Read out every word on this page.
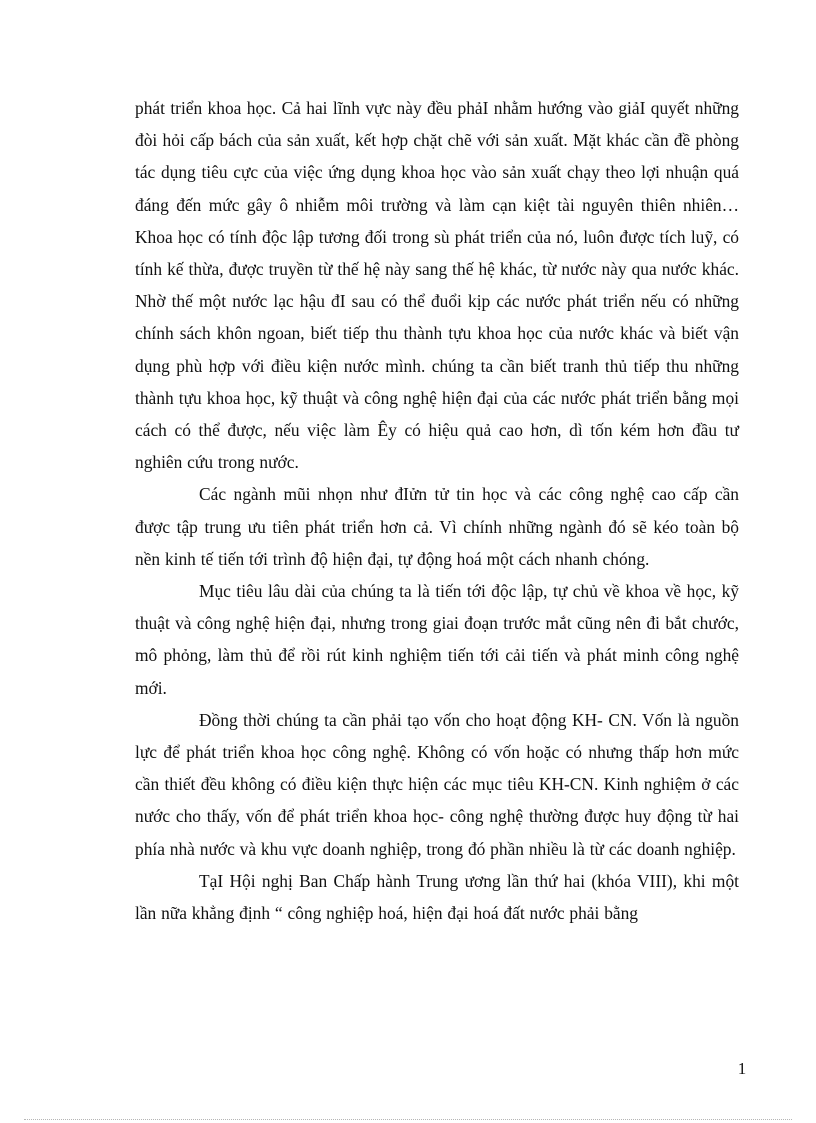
phát triển khoa học. Cả hai lĩnh vực này đều phảI nhằm hướng vào giảI quyết những đòi hỏi cấp bách của sản xuất, kết hợp chặt chẽ với sản xuất. Mặt khác cần đề phòng tác dụng tiêu cực của việc ứng dụng khoa học vào sản xuất chạy theo lợi nhuận quá đáng đến mức gây ô nhiễm môi trường và làm cạn kiệt tài nguyên thiên nhiên… Khoa học có tính độc lập tương đối trong sù phát triển của nó, luôn được tích luỹ, có tính kế thừa, được truyền từ thế hệ này sang thế hệ khác, từ nước này qua nước khác. Nhờ thế một nước lạc hậu đI sau có thể đuổi kịp các nước phát triển nếu có những chính sách khôn ngoan, biết tiếp thu thành tựu khoa học của nước khác và biết vận dụng phù hợp với điều kiện nước mình. chúng ta cần biết tranh thủ tiếp thu những thành tựu khoa học, kỹ thuật và công nghệ hiện đại của các nước phát triển bằng mọi cách có thể được, nếu việc làm Êy có hiệu quả cao hơn, dì tốn kém hơn đầu tư nghiên cứu trong nước.

Các ngành mũi nhọn như đIửn tử tin học và các công nghệ cao cấp cần được tập trung ưu tiên phát triển hơn cả. Vì chính những ngành đó sẽ kéo toàn bộ nền kinh tế tiến tới trình độ hiện đại, tự động hoá một cách nhanh chóng.

Mục tiêu lâu dài của chúng ta là tiến tới độc lập, tự chủ về khoa về học, kỹ thuật và công nghệ hiện đại, nhưng trong giai đoạn trước mắt cũng nên đi bắt chước, mô phỏng, làm thủ để rồi rút kinh nghiệm tiến tới cải tiến và phát minh công nghệ mới.

Đồng thời chúng ta cần phải tạo vốn cho hoạt động KH- CN. Vốn là nguồn lực để phát triển khoa học công nghệ. Không có vốn hoặc có nhưng thấp hơn mức cần thiết đều không có điều kiện thực hiện các mục tiêu KH-CN. Kinh nghiệm ở các nước cho thấy, vốn để phát triển khoa học- công nghệ thường được huy động từ hai phía nhà nước và khu vực doanh nghiệp, trong đó phần nhiều là từ các doanh nghiệp.

TạI Hội nghị Ban Chấp hành Trung ương lần thứ hai (khóa VIII), khi một lần nữa khẳng định “ công nghiệp hoá, hiện đại hoá đất nước phải bằng

1
